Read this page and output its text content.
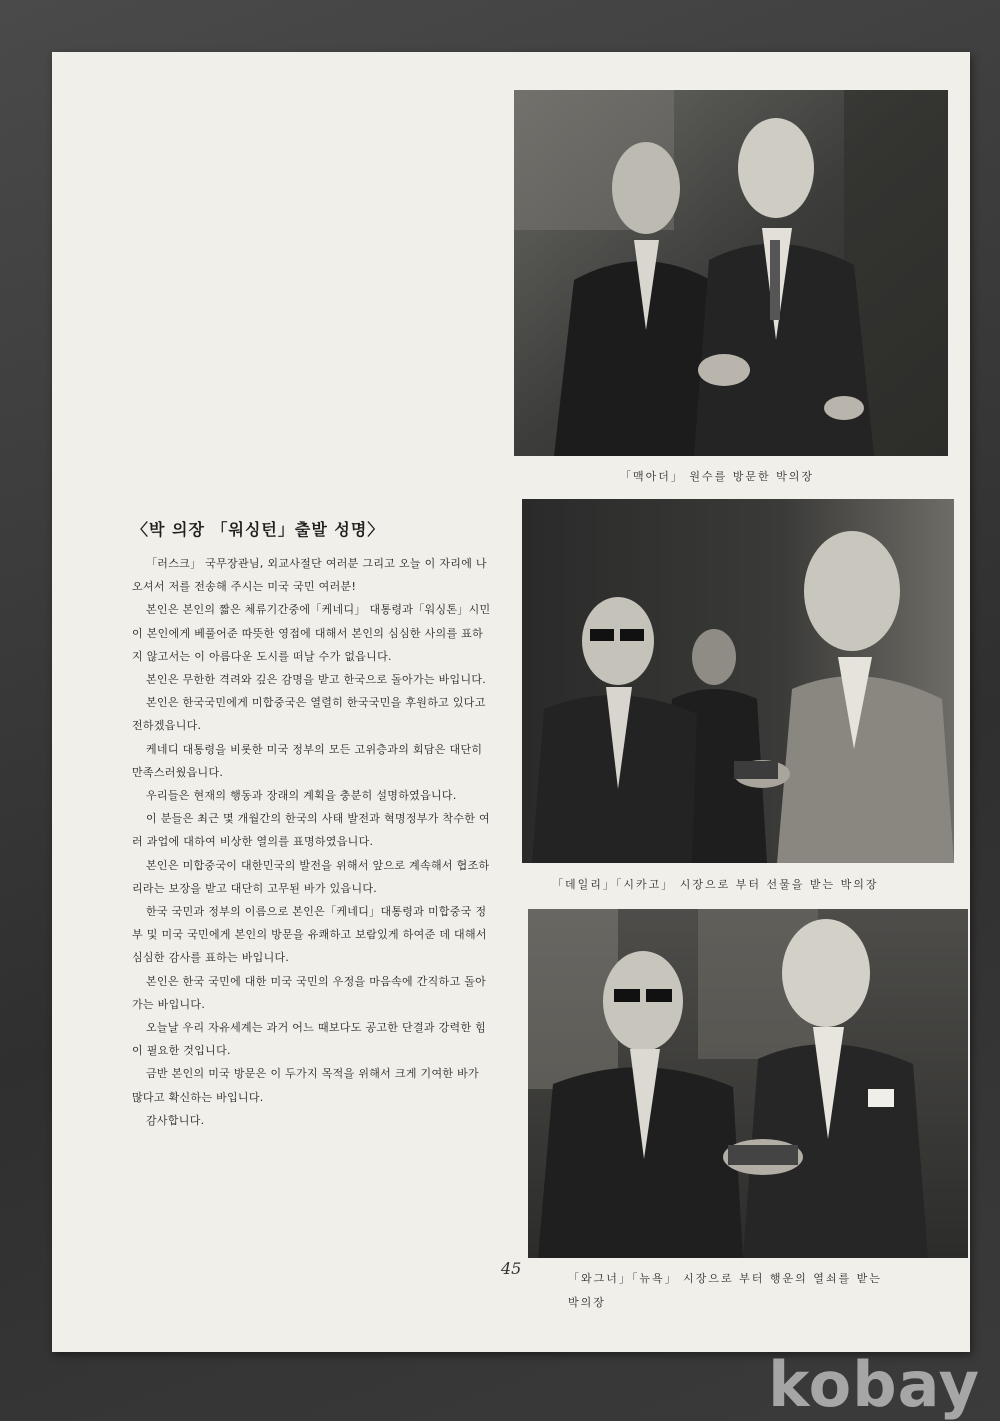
「맥아더」 원수를 방문한 박의장
「데일리」「시카고」 시장으로 부터 선물을 받는 박의장
「와그너」「뉴욕」 시장으로 부터 행운의 열쇠를 받는
박의장
〈박 의장 「워싱턴」출발 성명〉

「러스크」 국무장관님, 외교사절단 여러분 그리고 오늘 이 자리에 나오셔서 저를 전송해 주시는 미국 국민 여러분!

본인은 본인의 짧은 체류기간중에「케네디」 대통령과「워싱톤」시민이 본인에게 베풀어준 따뜻한 영접에 대해서 본인의 심심한 사의를 표하지 않고서는 이 아름다운 도시를 떠날 수가 없읍니다.

본인은 무한한 격려와 깊은 감명을 받고 한국으로 돌아가는 바입니다.

본인은 한국국민에게 미합중국은 열렬히 한국국민을 후원하고 있다고 전하겠읍니다.

케네디 대통령을 비롯한 미국 정부의 모든 고위층과의 회담은 대단히 만족스러웠읍니다.

우리들은 현재의 행동과 장래의 계획을 충분히 설명하였읍니다.

이 분들은 최근 몇 개월간의 한국의 사태 발전과 혁명정부가 착수한 여러 과업에 대하여 비상한 열의를 표명하였읍니다.

본인은 미합중국이 대한민국의 발전을 위해서 앞으로 계속해서 협조하리라는 보장을 받고 대단히 고무된 바가 있읍니다.

한국 국민과 정부의 이름으로 본인은「케네디」대통령과 미합중국 정부 및 미국 국민에게 본인의 방문을 유쾌하고 보람있게 하여준 데 대해서 심심한 감사를 표하는 바입니다.

본인은 한국 국민에 대한 미국 국민의 우정을 마음속에 간직하고 돌아가는 바입니다.

오늘날 우리 자유세계는 과거 어느 때보다도 공고한 단결과 강력한 힘이 필요한 것입니다.

금반 본인의 미국 방문은 이 두가지 목적을 위해서 크게 기여한 바가 많다고 확신하는 바입니다.

감사합니다.

45
kobay
